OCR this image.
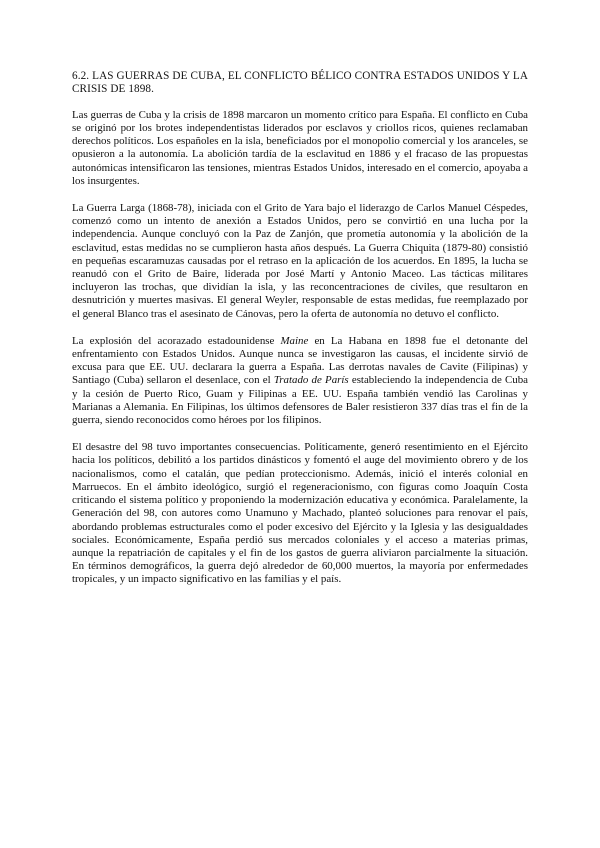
6.2. LAS GUERRAS DE CUBA, EL CONFLICTO BÉLICO CONTRA ESTADOS UNIDOS Y LA CRISIS DE 1898.

Las guerras de Cuba y la crisis de 1898 marcaron un momento crítico para España. El conflicto en Cuba se originó por los brotes independentistas liderados por esclavos y criollos ricos, quienes reclamaban derechos políticos. Los españoles en la isla, beneficiados por el monopolio comercial y los aranceles, se opusieron a la autonomía. La abolición tardía de la esclavitud en 1886 y el fracaso de las propuestas autonómicas intensificaron las tensiones, mientras Estados Unidos, interesado en el comercio, apoyaba a los insurgentes.

La Guerra Larga (1868-78), iniciada con el Grito de Yara bajo el liderazgo de Carlos Manuel Céspedes, comenzó como un intento de anexión a Estados Unidos, pero se convirtió en una lucha por la independencia. Aunque concluyó con la Paz de Zanjón, que prometía autonomía y la abolición de la esclavitud, estas medidas no se cumplieron hasta años después. La Guerra Chiquita (1879-80) consistió en pequeñas escaramuzas causadas por el retraso en la aplicación de los acuerdos. En 1895, la lucha se reanudó con el Grito de Baire, liderada por José Martí y Antonio Maceo. Las tácticas militares incluyeron las trochas, que dividían la isla, y las reconcentraciones de civiles, que resultaron en desnutrición y muertes masivas. El general Weyler, responsable de estas medidas, fue reemplazado por el general Blanco tras el asesinato de Cánovas, pero la oferta de autonomía no detuvo el conflicto.

La explosión del acorazado estadounidense Maine en La Habana en 1898 fue el detonante del enfrentamiento con Estados Unidos. Aunque nunca se investigaron las causas, el incidente sirvió de excusa para que EE. UU. declarara la guerra a España. Las derrotas navales de Cavite (Filipinas) y Santiago (Cuba) sellaron el desenlace, con el Tratado de París estableciendo la independencia de Cuba y la cesión de Puerto Rico, Guam y Filipinas a EE. UU. España también vendió las Carolinas y Marianas a Alemania. En Filipinas, los últimos defensores de Baler resistieron 337 días tras el fin de la guerra, siendo reconocidos como héroes por los filipinos.

El desastre del 98 tuvo importantes consecuencias. Políticamente, generó resentimiento en el Ejército hacia los políticos, debilitó a los partidos dinásticos y fomentó el auge del movimiento obrero y de los nacionalismos, como el catalán, que pedían proteccionismo. Además, inició el interés colonial en Marruecos. En el ámbito ideológico, surgió el regeneracionismo, con figuras como Joaquín Costa criticando el sistema político y proponiendo la modernización educativa y económica. Paralelamente, la Generación del 98, con autores como Unamuno y Machado, planteó soluciones para renovar el país, abordando problemas estructurales como el poder excesivo del Ejército y la Iglesia y las desigualdades sociales. Económicamente, España perdió sus mercados coloniales y el acceso a materias primas, aunque la repatriación de capitales y el fin de los gastos de guerra aliviaron parcialmente la situación. En términos demográficos, la guerra dejó alrededor de 60,000 muertos, la mayoría por enfermedades tropicales, y un impacto significativo en las familias y el país.
